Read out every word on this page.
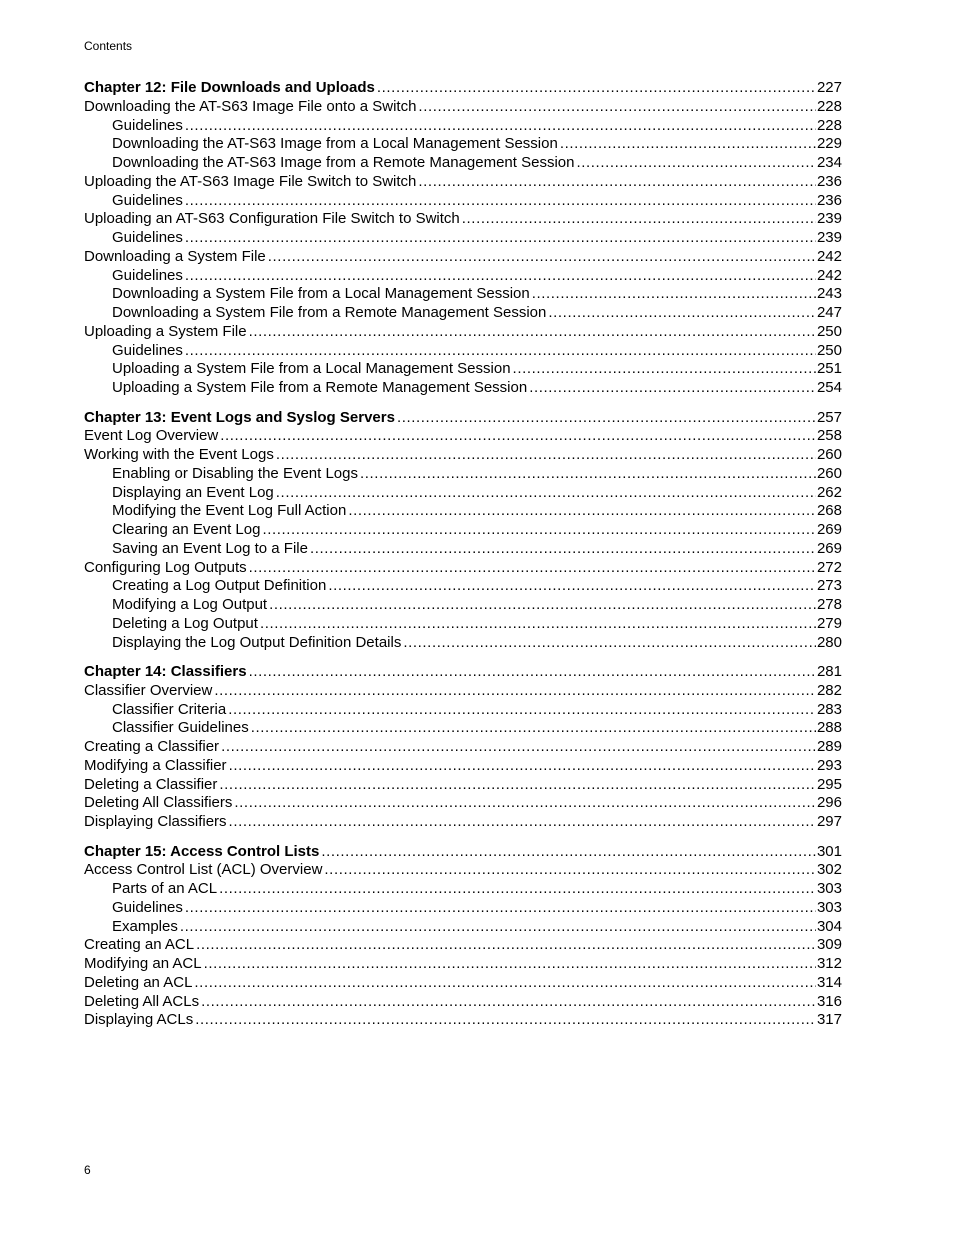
Contents
Chapter 12: File Downloads and Uploads .....	227
Downloading the AT-S63 Image File onto a Switch .....	228
Guidelines .....	228
Downloading the AT-S63 Image from a Local Management Session .....	229
Downloading the AT-S63 Image from a Remote Management Session .....	234
Uploading the AT-S63 Image File Switch to Switch .....	236
Guidelines .....	236
Uploading an AT-S63 Configuration File Switch to Switch .....	239
Guidelines .....	239
Downloading a System File .....	242
Guidelines .....	242
Downloading a System File from a Local Management Session .....	243
Downloading a System File from a Remote Management Session .....	247
Uploading a System File .....	250
Guidelines .....	250
Uploading a System File from a Local Management Session .....	251
Uploading a System File from a Remote Management Session .....	254
Chapter 13: Event Logs and Syslog Servers .....	257
Event Log Overview .....	258
Working with the Event Logs .....	260
Enabling or Disabling the Event Logs .....	260
Displaying an Event Log .....	262
Modifying the Event Log Full Action .....	268
Clearing an Event Log .....	269
Saving an Event Log to a File .....	269
Configuring Log Outputs .....	272
Creating a Log Output Definition .....	273
Modifying a Log Output .....	278
Deleting a Log Output .....	279
Displaying the Log Output Definition Details .....	280
Chapter 14: Classifiers .....	281
Classifier Overview .....	282
Classifier Criteria .....	283
Classifier Guidelines .....	288
Creating a Classifier .....	289
Modifying a Classifier .....	293
Deleting a Classifier .....	295
Deleting All Classifiers .....	296
Displaying Classifiers .....	297
Chapter 15: Access Control Lists .....	301
Access Control List (ACL) Overview .....	302
Parts of an ACL .....	303
Guidelines .....	303
Examples .....	304
Creating an ACL .....	309
Modifying an ACL .....	312
Deleting an ACL .....	314
Deleting All ACLs .....	316
Displaying ACLs .....	317
6
